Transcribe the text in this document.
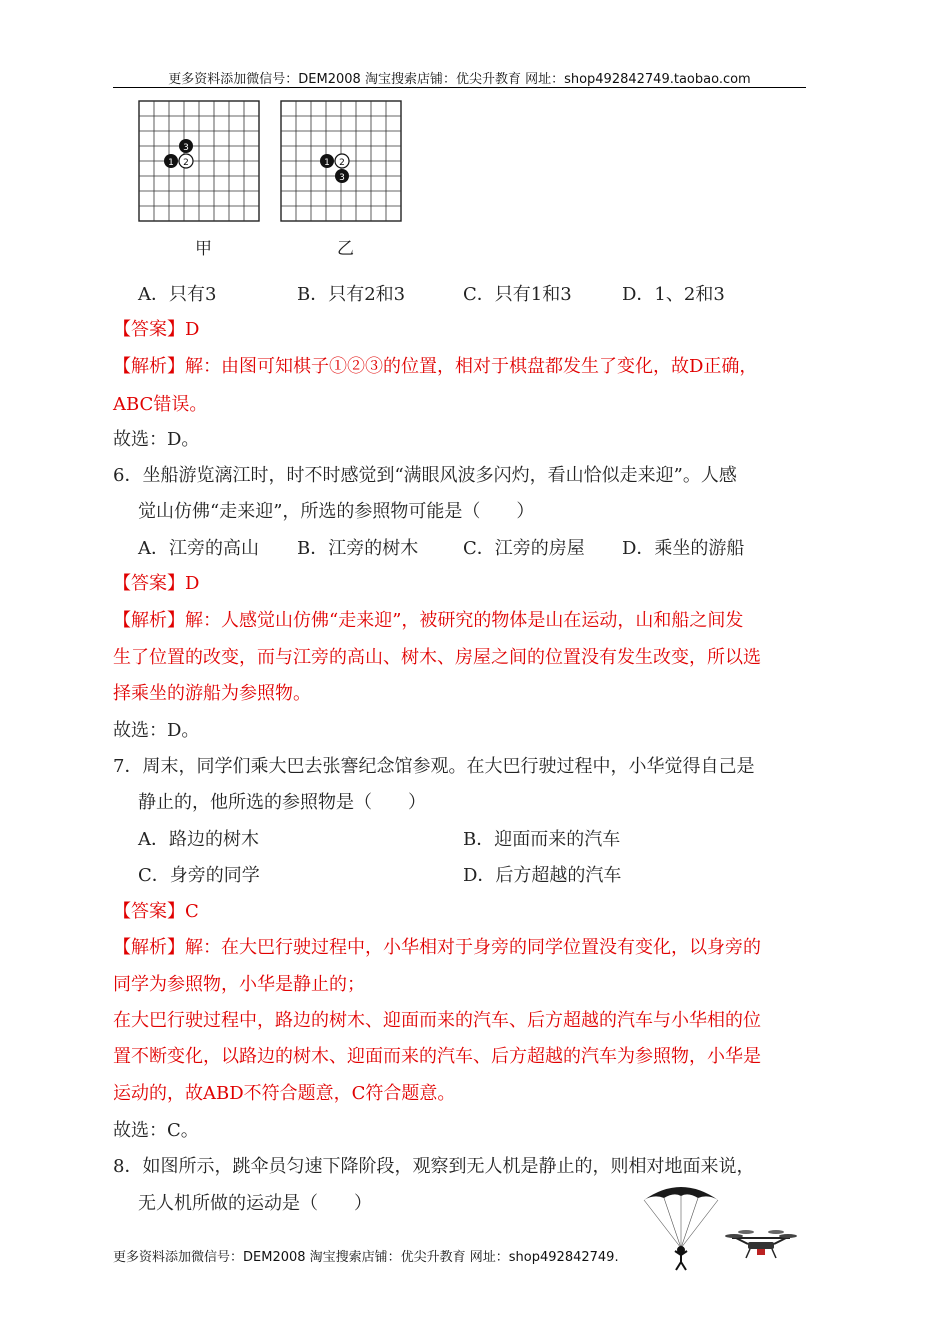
更多资料添加微信号：DEM2008 淘宝搜索店铺：优尖升教育 网址：shop492842749.taobao.com
3
1 2	1 2
3
甲	乙
A．只有3	B．只有2和3	C．只有1和3	D．1、2和3
【答案】D
【解析】解：由图可知棋子①②③的位置，相对于棋盘都发生了变化，故D正确，
ABC错误。
故选：D。
6．坐船游览漓江时，时不时感觉到“满眼风波多闪灼，看山恰似走来迎”。人感
觉山仿佛“走来迎”，所选的参照物可能是（　　）
A．江旁的高山 B．江旁的树木 C．江旁的房屋 D．乘坐的游船
【答案】D
【解析】解：人感觉山仿佛“走来迎”，被研究的物体是山在运动，山和船之间发
生了位置的改变，而与江旁的高山、树木、房屋之间的位置没有发生改变，所以选
择乘坐的游船为参照物。
故选：D。
7．周末，同学们乘大巴去张謇纪念馆参观。在大巴行驶过程中，小华觉得自己是
静止的，他所选的参照物是（　　）
A．路边的树木	B．迎面而来的汽车
C．身旁的同学	D．后方超越的汽车
【答案】C
【解析】解：在大巴行驶过程中，小华相对于身旁的同学位置没有变化，以身旁的
同学为参照物，小华是静止的；
在大巴行驶过程中，路边的树木、迎面而来的汽车、后方超越的汽车与小华相的位
置不断变化，以路边的树木、迎面而来的汽车、后方超越的汽车为参照物，小华是
运动的，故ABD不符合题意，C符合题意。
故选：C。
8．如图所示，跳伞员匀速下降阶段，观察到无人机是静止的，则相对地面来说，
无人机所做的运动是（　　）
更多资料添加微信号：DEM2008 淘宝搜索店铺：优尖升教育 网址：shop492842749.
